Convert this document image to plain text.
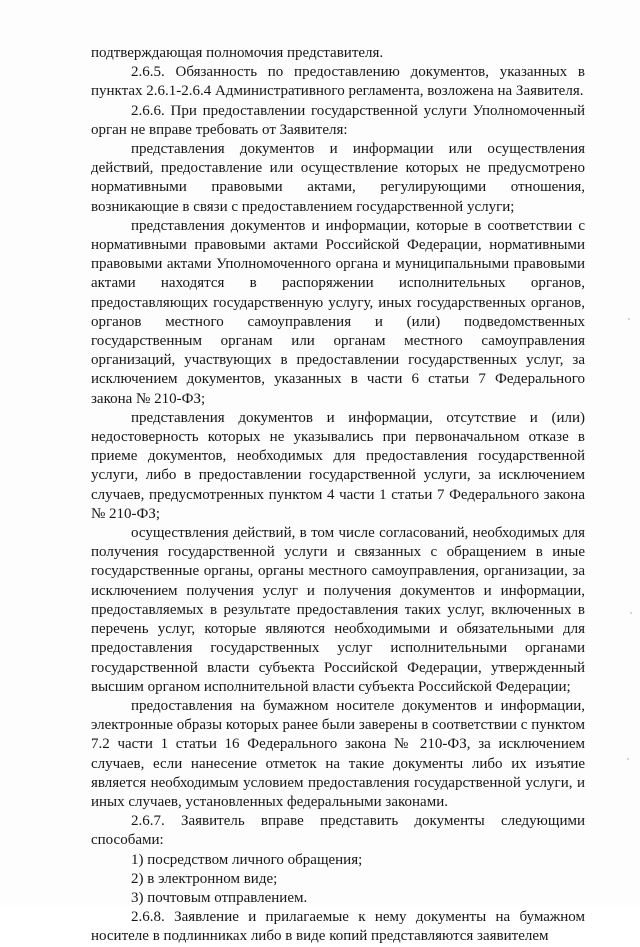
подтверждающая полномочия представителя.

2.6.5. Обязанность по предоставлению документов, указанных в пунктах 2.6.1-2.6.4 Административного регламента, возложена на Заявителя.

2.6.6. При предоставлении государственной услуги Уполномоченный орган не вправе требовать от Заявителя:

представления документов и информации или осуществления действий, предоставление или осуществление которых не предусмотрено нормативными правовыми актами, регулирующими отношения, возникающие в связи с предоставлением государственной услуги;

представления документов и информации, которые в соответствии с нормативными правовыми актами Российской Федерации, нормативными правовыми актами Уполномоченного органа и муниципальными правовыми актами находятся в распоряжении исполнительных органов, предоставляющих государственную услугу, иных государственных органов, органов местного самоуправления и (или) подведомственных государственным органам или органам местного самоуправления организаций, участвующих в предоставлении государственных услуг, за исключением документов, указанных в части 6 статьи 7 Федерального закона № 210-ФЗ;

представления документов и информации, отсутствие и (или) недостоверность которых не указывались при первоначальном отказе в приеме документов, необходимых для предоставления государственной услуги, либо в предоставлении государственной услуги, за исключением случаев, предусмотренных пунктом 4 части 1 статьи 7 Федерального закона № 210-ФЗ;

осуществления действий, в том числе согласований, необходимых для получения государственной услуги и связанных с обращением в иные государственные органы, органы местного самоуправления, организации, за исключением получения услуг и получения документов и информации, предоставляемых в результате предоставления таких услуг, включенных в перечень услуг, которые являются необходимыми и обязательными для предоставления государственных услуг исполнительными органами государственной власти субъекта Российской Федерации, утвержденный высшим органом исполнительной власти субъекта Российской Федерации;

предоставления на бумажном носителе документов и информации, электронные образы которых ранее были заверены в соответствии с пунктом 7.2 части 1 статьи 16 Федерального закона № 210-ФЗ, за исключением случаев, если нанесение отметок на такие документы либо их изъятие является необходимым условием предоставления государственной услуги, и иных случаев, установленных федеральными законами.

2.6.7. Заявитель вправе представить документы следующими способами:

1) посредством личного обращения;

2) в электронном виде;

3) почтовым отправлением.

2.6.8. Заявление и прилагаемые к нему документы на бумажном носителе в подлинниках либо в виде копий представляются заявителем
